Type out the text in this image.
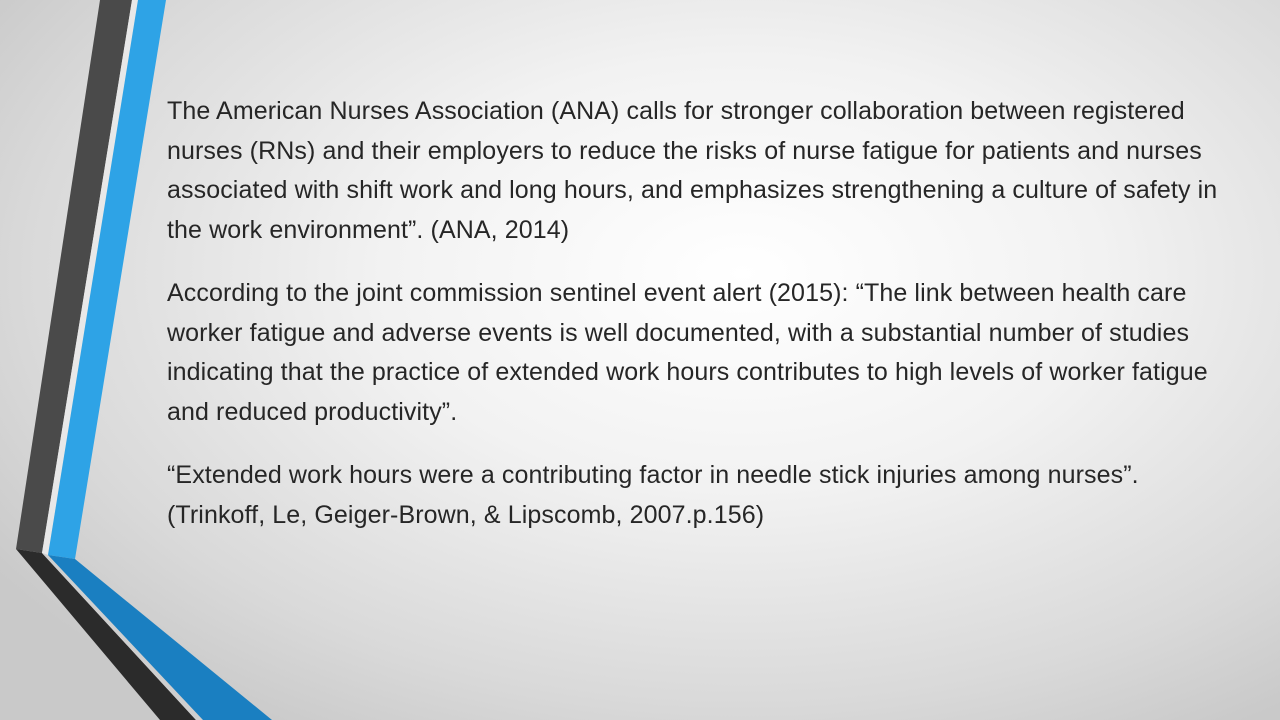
The American Nurses Association (ANA) calls for stronger collaboration between registered nurses (RNs) and their employers to reduce the risks of nurse fatigue for patients and nurses associated with shift work and long hours, and emphasizes strengthening a culture of safety in the work environment”. (ANA, 2014)

According to the joint commission sentinel event alert (2015): “The link between health care worker fatigue and adverse events is well documented, with a substantial number of studies indicating that the practice of extended work hours contributes to high levels of worker fatigue and reduced productivity”.

“Extended work hours were a contributing factor in needle stick injuries among nurses”. (Trinkoff, Le, Geiger-Brown, & Lipscomb, 2007.p.156)
